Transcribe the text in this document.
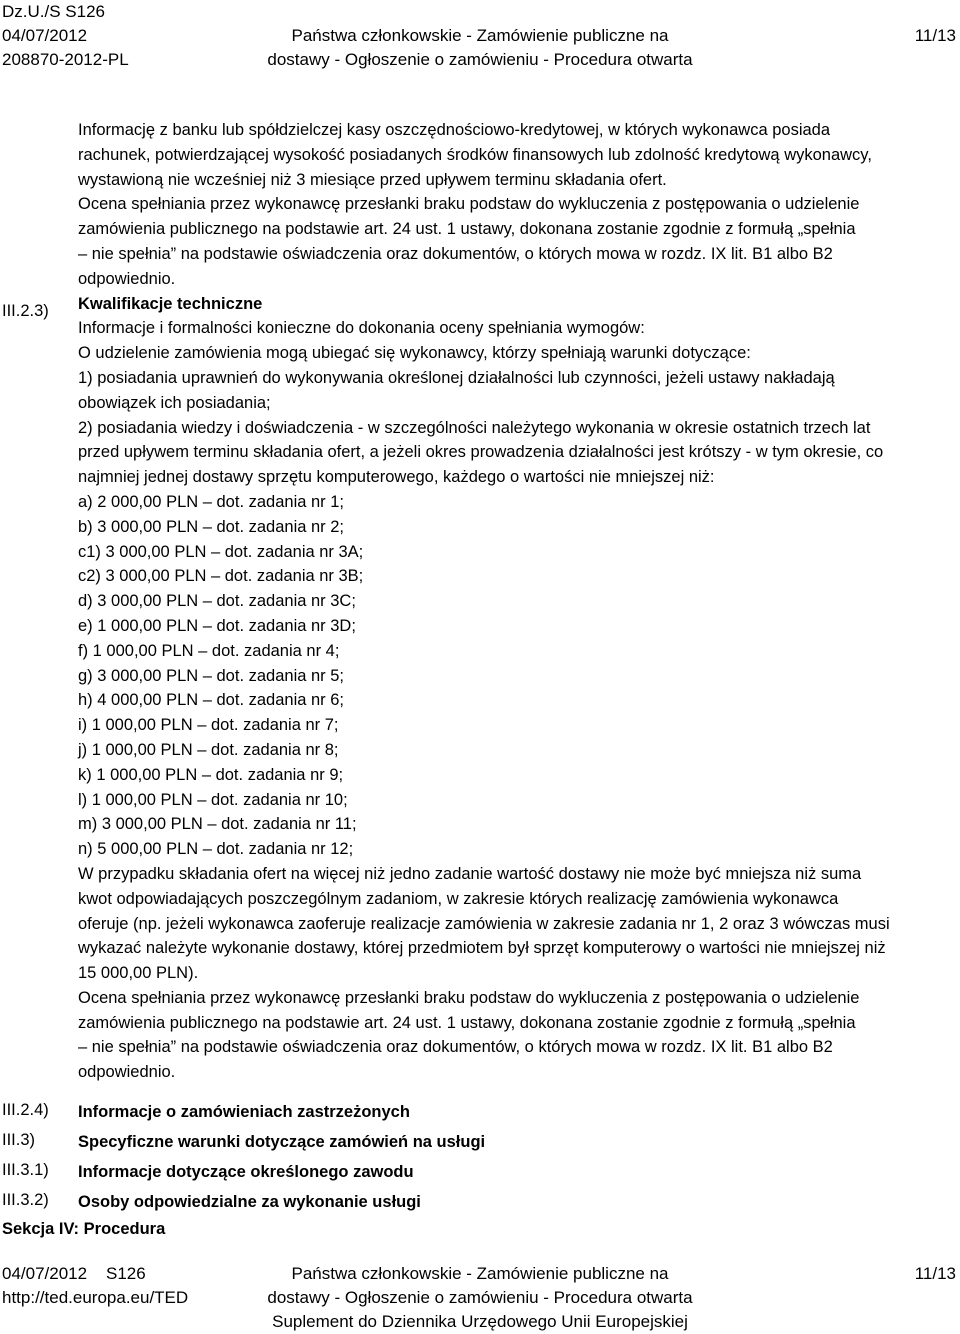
Dz.U./S S126
04/07/2012
208870-2012-PL
Państwa członkowskie - Zamówienie publiczne na
dostawy - Ogłoszenie o zamówieniu - Procedura otwarta
11/13
III.2.3)
III.2.4)
III.3)
III.3.1)
III.3.2)
Informację z banku lub spółdzielczej kasy oszczędnościowo-kredytowej, w których wykonawca posiada
rachunek, potwierdzającej wysokość posiadanych środków finansowych lub zdolność kredytową wykonawcy,
wystawioną nie wcześniej niż 3 miesiące przed upływem terminu składania ofert.
Ocena spełniania przez wykonawcę przesłanki braku podstaw do wykluczenia z postępowania o udzielenie
zamówienia publicznego na podstawie art. 24 ust. 1 ustawy, dokonana zostanie zgodnie z formułą „spełnia
– nie spełnia” na podstawie oświadczenia oraz dokumentów, o których mowa w rozdz. IX lit. B1 albo B2
odpowiednio.
Kwalifikacje techniczne
Informacje i formalności konieczne do dokonania oceny spełniania wymogów:
O udzielenie zamówienia mogą ubiegać się wykonawcy, którzy spełniają warunki dotyczące:
1) posiadania uprawnień do wykonywania określonej działalności lub czynności, jeżeli ustawy nakładają
obowiązek ich posiadania;
2) posiadania wiedzy i doświadczenia - w szczególności należytego wykonania w okresie ostatnich trzech lat
przed upływem terminu składania ofert, a jeżeli okres prowadzenia działalności jest krótszy - w tym okresie, co
najmniej jednej dostawy sprzętu komputerowego, każdego o wartości nie mniejszej niż:
a) 2 000,00 PLN – dot. zadania nr 1;
b) 3 000,00 PLN – dot. zadania nr 2;
c1) 3 000,00 PLN – dot. zadania nr 3A;
c2) 3 000,00 PLN – dot. zadania nr 3B;
d) 3 000,00 PLN – dot. zadania nr 3C;
e) 1 000,00 PLN – dot. zadania nr 3D;
f) 1 000,00 PLN – dot. zadania nr 4;
g) 3 000,00 PLN – dot. zadania nr 5;
h) 4 000,00 PLN – dot. zadania nr 6;
i) 1 000,00 PLN – dot. zadania nr 7;
j) 1 000,00 PLN – dot. zadania nr 8;
k) 1 000,00 PLN – dot. zadania nr 9;
l) 1 000,00 PLN – dot. zadania nr 10;
m) 3 000,00 PLN – dot. zadania nr 11;
n) 5 000,00 PLN – dot. zadania nr 12;
W przypadku składania ofert na więcej niż jedno zadanie wartość dostawy nie może być mniejsza niż suma
kwot odpowiadających poszczególnym zadaniom, w zakresie których realizację zamówienia wykonawca
oferuje (np. jeżeli wykonawca zaoferuje realizacje zamówienia w zakresie zadania nr 1, 2 oraz 3 wówczas musi
wykazać należyte wykonanie dostawy, której przedmiotem był sprzęt komputerowy o wartości nie mniejszej niż
15 000,00 PLN).
Ocena spełniania przez wykonawcę przesłanki braku podstaw do wykluczenia z postępowania o udzielenie
zamówienia publicznego na podstawie art. 24 ust. 1 ustawy, dokonana zostanie zgodnie z formułą „spełnia
– nie spełnia” na podstawie oświadczenia oraz dokumentów, o których mowa w rozdz. IX lit. B1 albo B2
odpowiednio.
Informacje o zamówieniach zastrzeżonych
Specyficzne warunki dotyczące zamówień na usługi
Informacje dotyczące określonego zawodu
Osoby odpowiedzialne za wykonanie usługi
Sekcja IV: Procedura
04/07/2012    S126
http://ted.europa.eu/TED
Państwa członkowskie - Zamówienie publiczne na
dostawy - Ogłoszenie o zamówieniu - Procedura otwarta
Suplement do Dziennika Urzędowego Unii Europejskiej
11/13
